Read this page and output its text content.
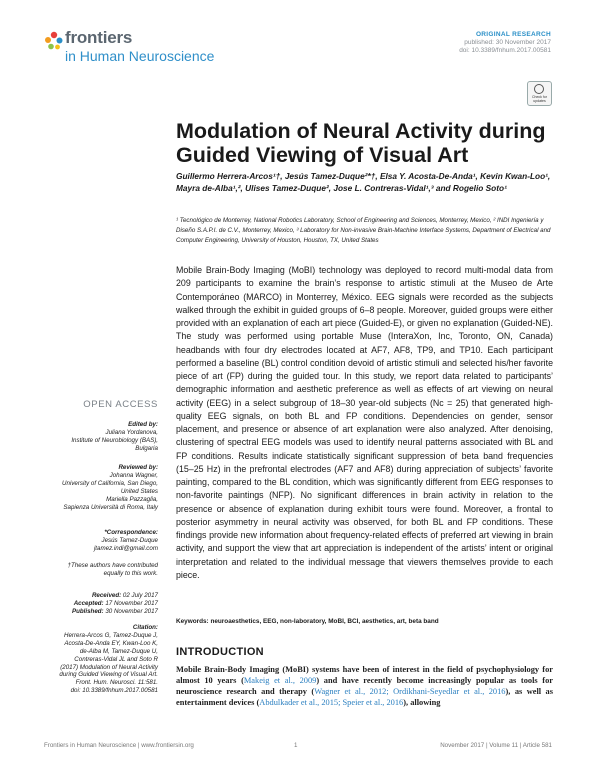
frontiers
in Human Neuroscience
ORIGINAL RESEARCH
published: 30 November 2017
doi: 10.3389/fnhum.2017.00581
Check for
updates
Modulation of Neural Activity during Guided Viewing of Visual Art
Guillermo Herrera-Arcos¹†, Jesús Tamez-Duque²*†, Elsa Y. Acosta-De-Anda¹, Kevin Kwan-Loo¹, Mayra de-Alba¹,², Ulises Tamez-Duque², Jose L. Contreras-Vidal¹,³ and Rogelio Soto¹
¹ Tecnológico de Monterrey, National Robotics Laboratory, School of Engineering and Sciences, Monterrey, Mexico, ² INDI Ingeniería y Diseño S.A.P.I. de C.V., Monterrey, Mexico, ³ Laboratory for Non-invasive Brain-Machine Interface Systems, Department of Electrical and Computer Engineering, University of Houston, Houston, TX, United States
Mobile Brain-Body Imaging (MoBI) technology was deployed to record multi-modal data from 209 participants to examine the brain’s response to artistic stimuli at the Museo de Arte Contemporáneo (MARCO) in Monterrey, México. EEG signals were recorded as the subjects walked through the exhibit in guided groups of 6–8 people. Moreover, guided groups were either provided with an explanation of each art piece (Guided-E), or given no explanation (Guided-NE). The study was performed using portable Muse (InteraXon, Inc, Toronto, ON, Canada) headbands with four dry electrodes located at AF7, AF8, TP9, and TP10. Each participant performed a baseline (BL) control condition devoid of artistic stimuli and selected his/her favorite piece of art (FP) during the guided tour. In this study, we report data related to participants’ demographic information and aesthetic preference as well as effects of art viewing on neural activity (EEG) in a select subgroup of 18–30 year-old subjects (Nc = 25) that generated high-quality EEG signals, on both BL and FP conditions. Dependencies on gender, sensor placement, and presence or absence of art explanation were also analyzed. After denoising, clustering of spectral EEG models was used to identify neural patterns associated with BL and FP conditions. Results indicate statistically significant suppression of beta band frequencies (15–25 Hz) in the prefrontal electrodes (AF7 and AF8) during appreciation of subjects’ favorite painting, compared to the BL condition, which was significantly different from EEG responses to non-favorite paintings (NFP). No significant differences in brain activity in relation to the presence or absence of explanation during exhibit tours were found. Moreover, a frontal to posterior asymmetry in neural activity was observed, for both BL and FP conditions. These findings provide new information about frequency-related effects of preferred art viewing in brain activity, and support the view that art appreciation is independent of the artists’ intent or original interpretation and related to the individual message that viewers themselves provide to each piece.
Keywords: neuroaesthetics, EEG, non-laboratory, MoBI, BCI, aesthetics, art, beta band
OPEN ACCESS
Edited by:
Juliana Yordanova,
Institute of Neurobiology (BAS),
Bulgaria
Reviewed by:
Johanna Wagner,
University of California, San Diego,
United States
Mariella Pazzaglia,
Sapienza Università di Roma, Italy
*Correspondence:
Jesús Tamez-Duque
jtamez.indi@gmail.com
†These authors have contributed
equally to this work.
Received: 02 July 2017
Accepted: 17 November 2017
Published: 30 November 2017
Citation:
Herrera-Arcos G, Tamez-Duque J,
Acosta-De-Anda EY, Kwan-Loo K,
de-Alba M, Tamez-Duque U,
Contreras-Vidal JL and Soto R
(2017) Modulation of Neural Activity
during Guided Viewing of Visual Art.
Front. Hum. Neurosci. 11:581.
doi: 10.3389/fnhum.2017.00581
INTRODUCTION
Mobile Brain-Body Imaging (MoBI) systems have been of interest in the field of psychophysiology for almost 10 years (Makeig et al., 2009) and have recently become increasingly popular as tools for neuroscience research and therapy (Wagner et al., 2012; Ordikhani-Seyedlar et al., 2016), as well as entertainment devices (Abdulkader et al., 2015; Speier et al., 2016), allowing
Frontiers in Human Neuroscience | www.frontiersin.org	1	November 2017 | Volume 11 | Article 581
